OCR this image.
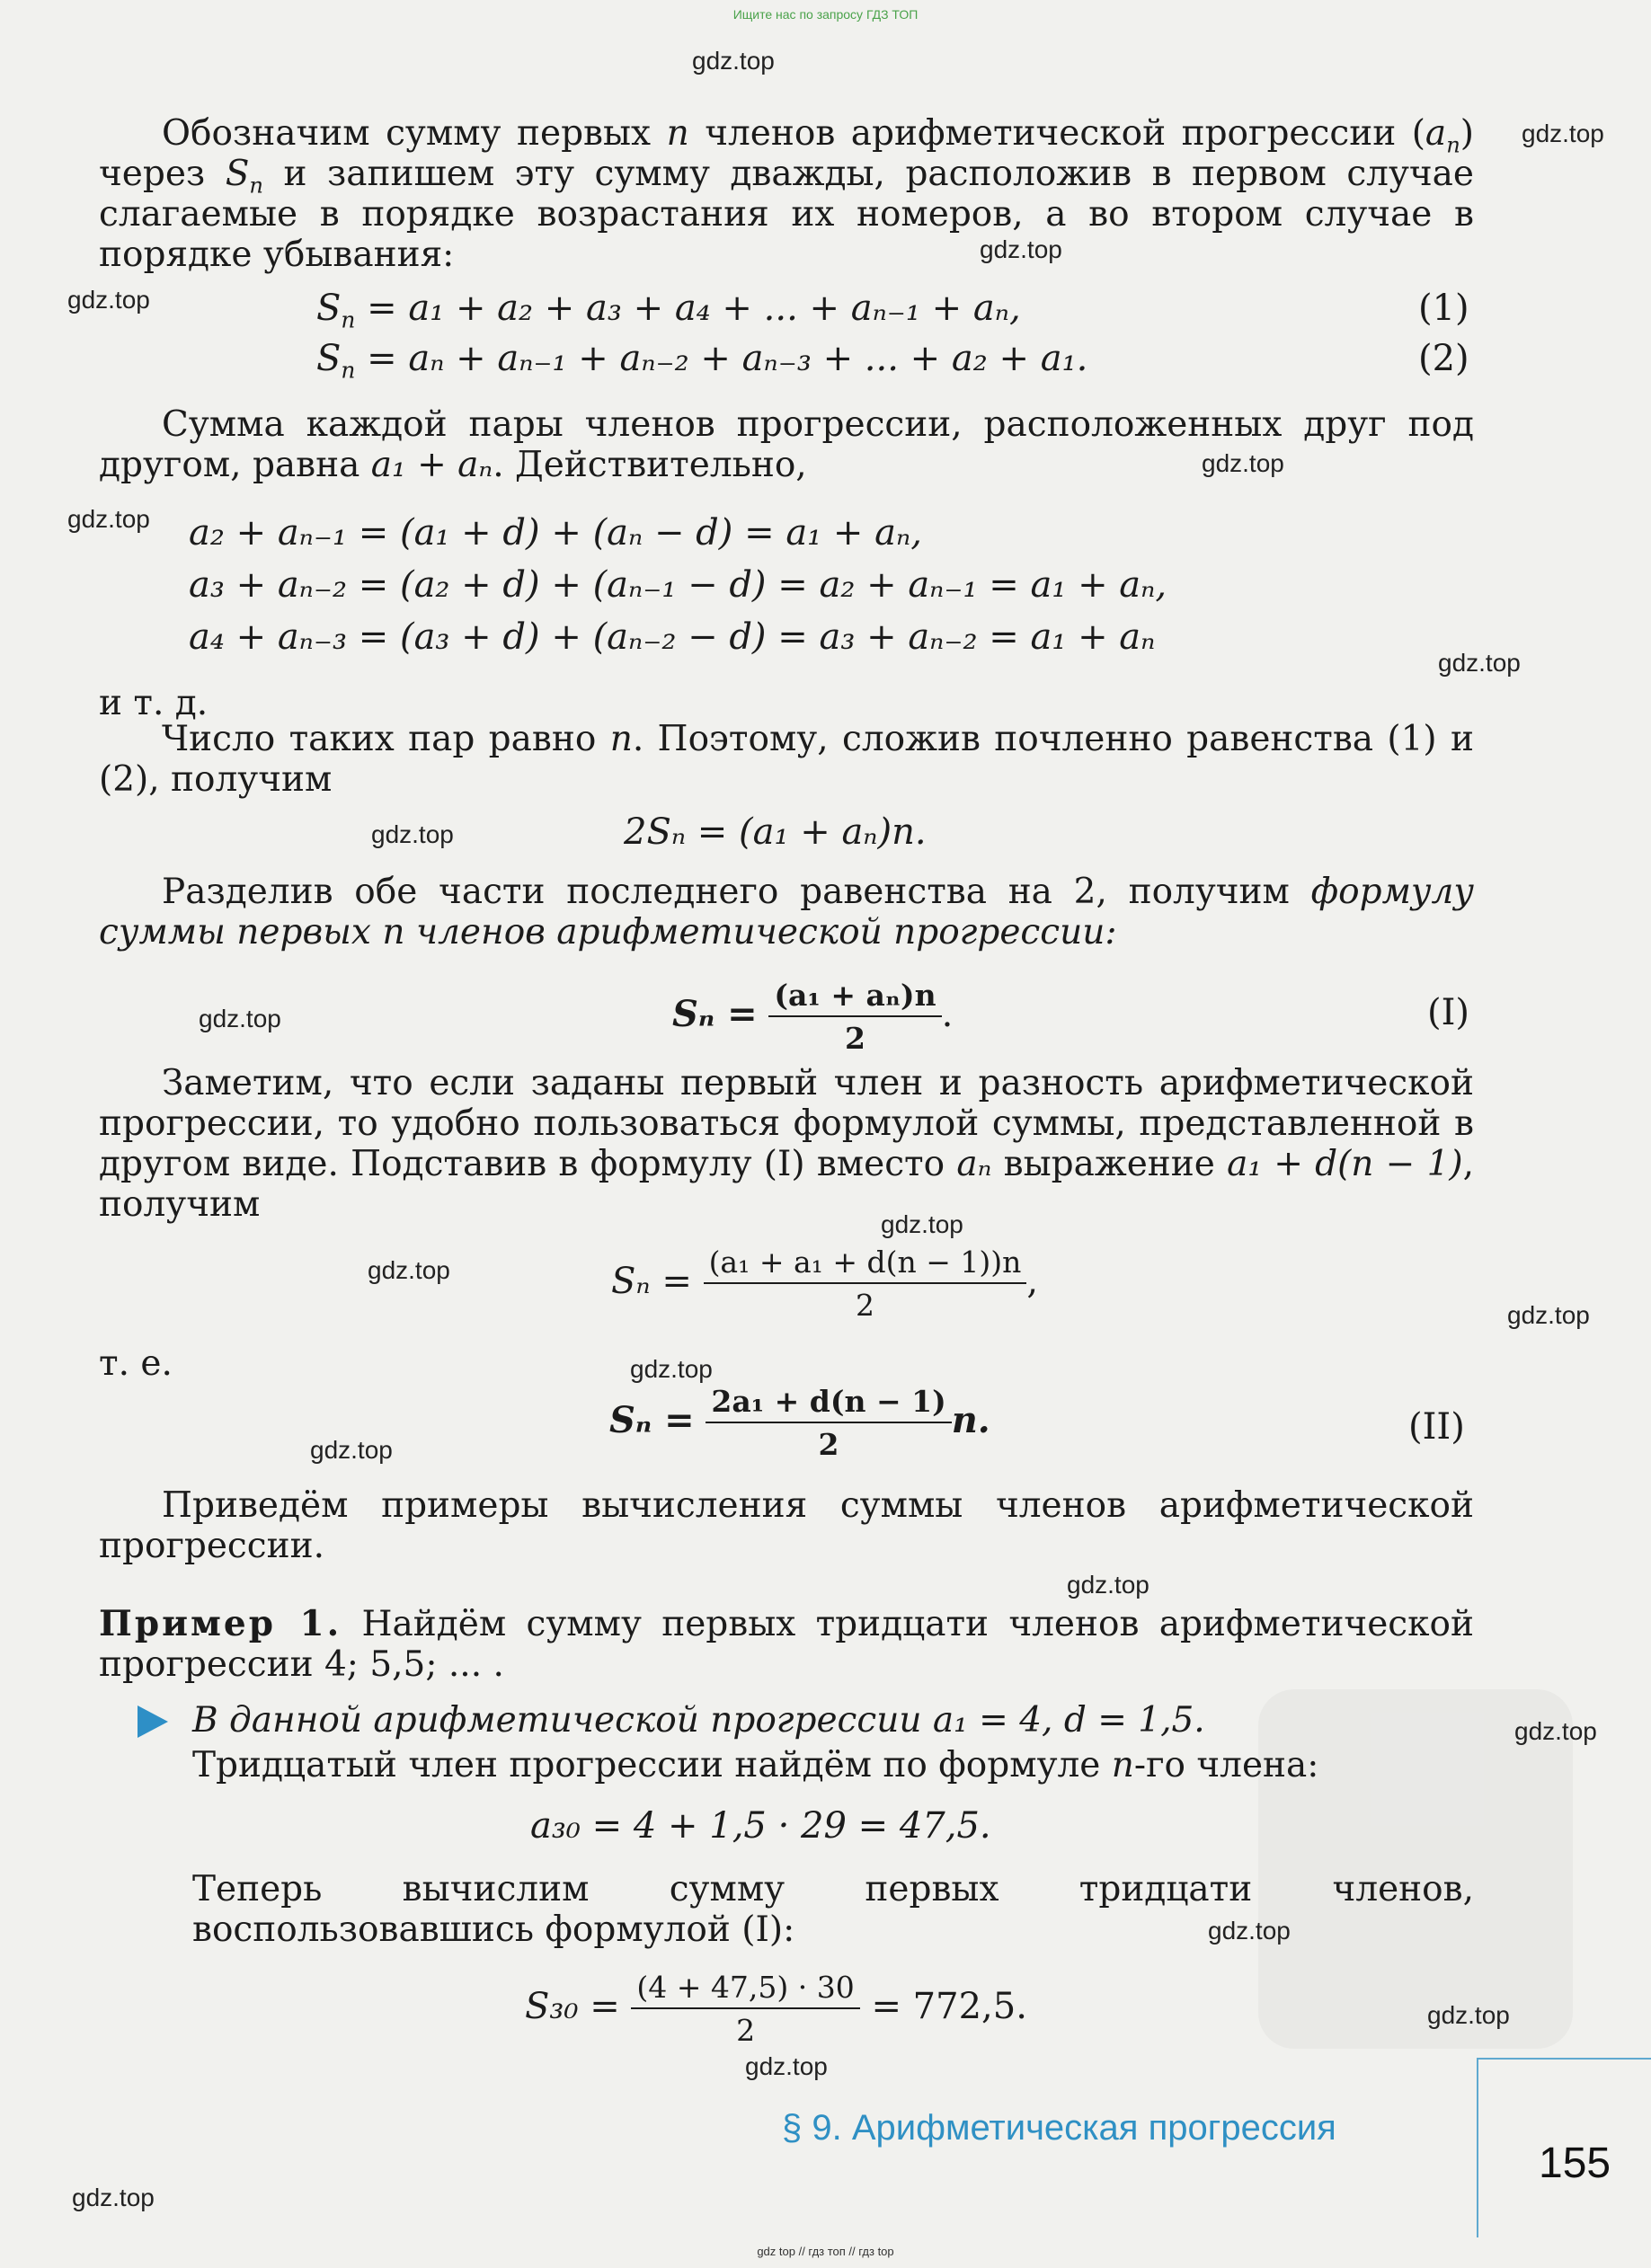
Ищите нас по запросу ГДЗ ТОП
gdz.top
gdz.top
gdz.top
gdz.top
gdz.top
gdz.top
gdz.top
gdz.top
gdz.top
gdz.top
gdz.top
gdz.top
gdz.top
gdz.top
gdz.top
gdz.top
gdz.top
gdz.top
gdz.top
gdz.top

Обозначим сумму первых n членов арифметической прогрессии $(a_n)$ через $S_n$ и запишем эту сумму дважды, расположив в первом случае слагаемые в порядке возрастания их номеров, а во втором случае в порядке убывания:

$S_n = a_1 + a_2 + a_3 + a_4$ + ... + aₙ₋₁ + aₙ,	(1)
$S_n = a_n + a_{n-1} + a_{n-2} + a_{n-3}$ + ... + a₂ + a₁.	(2)

Сумма каждой пары членов прогрессии, расположенных друг под другом, равна a₁ + aₙ. Действительно,

a₂ + aₙ₋₁ = (a₁ + d) + (aₙ − d) = a₁ + aₙ,
a₃ + aₙ₋₂ = (a₂ + d) + (aₙ₋₁ − d) = a₂ + aₙ₋₁ = a₁ + aₙ,
a₄ + aₙ₋₃ = (a₃ + d) + (aₙ₋₂ − d) = a₃ + aₙ₋₂ = a₁ + aₙ
и т. д.

Число таких пар равно n. Поэтому, сложив почленно равенства (1) и (2), получим

2Sₙ = (a₁ + aₙ)n.

Разделив обе части последнего равенства на 2, получим формулу суммы первых n членов арифметической прогрессии:

$S_n = \frac{\text{(a₁ + aₙ)n}}{2}$ .	(I)

Заметим, что если заданы первый член и разность арифметической прогрессии, то удобно пользоваться формулой суммы, представленной в другом виде. Подставив в формулу (I) вместо aₙ выражение a₁ + d(n − 1), получим

$S_n = \frac{\text{(a₁ + a₁ + d(n − 1))n}}{2}$ ,
т. е.
$S_n = \frac{\text{2a₁ + d(n − 1)}}{2} n$.	(II)

Приведём примеры вычисления суммы членов арифметической прогрессии.

Пример 1. Найдём сумму первых тридцати членов арифметической прогрессии 4; 5,5; ... .

В данной арифметической прогрессии a₁ = 4, d = 1,5.

Тридцатый член прогрессии найдём по формуле n-го члена:

a₃₀ = 4 + 1,5 · 29 = 47,5.

Теперь вычислим сумму первых тридцати членов, воспользовавшись формулой (I):

$S_{30} = \frac{(4 + 47,5) \cdot 30}{2} = 772,5$.
§ 9. Арифметическая прогрессия
155
gdz top // гдз топ // гдз top
